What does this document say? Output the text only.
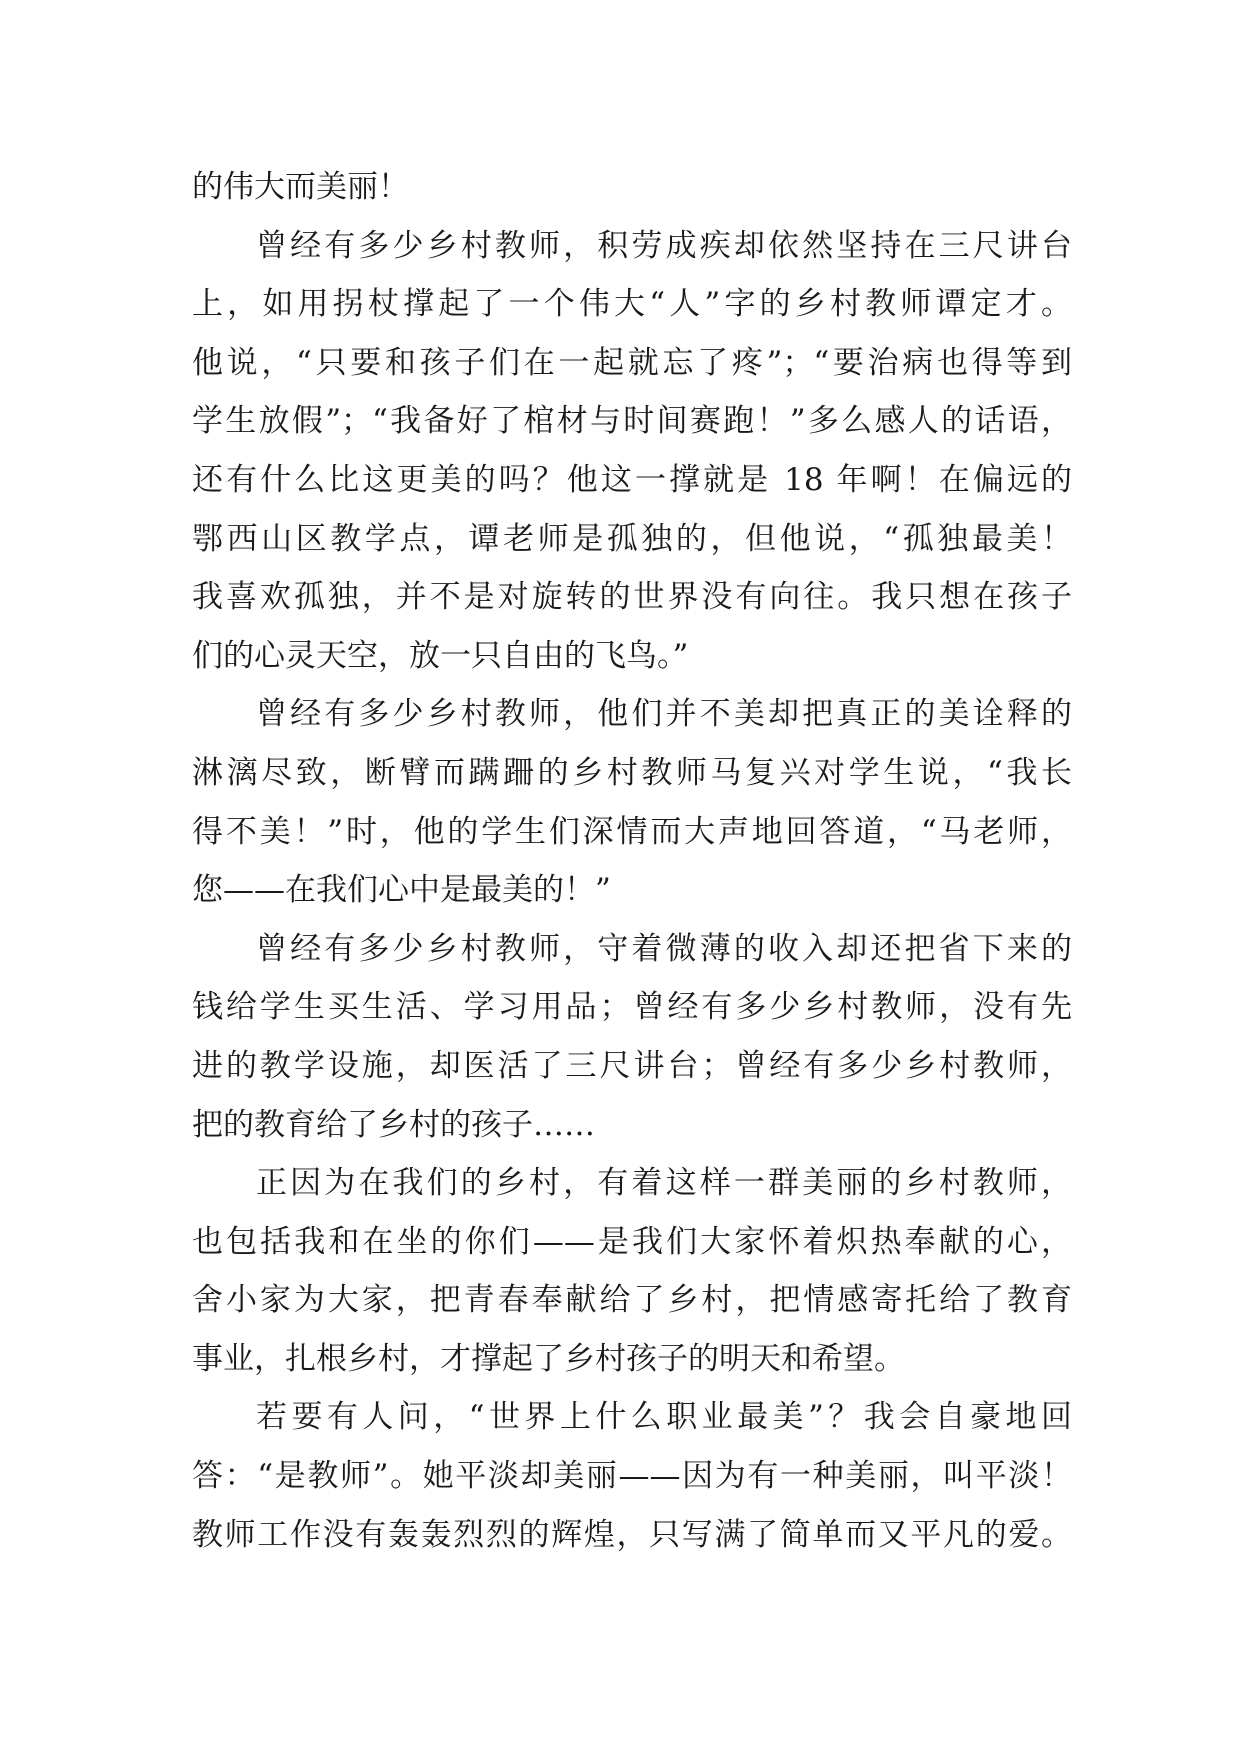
的伟大而美丽！
曾经有多少乡村教师，积劳成疾却依然坚持在三尺讲台
上，如用拐杖撑起了一个伟大“人”字的乡村教师谭定才。
他说，“只要和孩子们在一起就忘了疼”；“要治病也得等到
学生放假”；“我备好了棺材与时间赛跑！”多么感人的话语，
还有什么比这更美的吗？他这一撑就是 18 年啊！在偏远的
鄂西山区教学点，谭老师是孤独的，但他说，“孤独最美！
我喜欢孤独，并不是对旋转的世界没有向往。我只想在孩子
们的心灵天空，放一只自由的飞鸟。”
曾经有多少乡村教师，他们并不美却把真正的美诠释的
淋漓尽致，断臂而蹒跚的乡村教师马复兴对学生说，“我长
得不美！”时，他的学生们深情而大声地回答道，“马老师，
您——在我们心中是最美的！”
曾经有多少乡村教师，守着微薄的收入却还把省下来的
钱给学生买生活、学习用品；曾经有多少乡村教师，没有先
进的教学设施，却医活了三尺讲台；曾经有多少乡村教师，
把的教育给了乡村的孩子……
正因为在我们的乡村，有着这样一群美丽的乡村教师，
也包括我和在坐的你们——是我们大家怀着炽热奉献的心，
舍小家为大家，把青春奉献给了乡村，把情感寄托给了教育
事业，扎根乡村，才撑起了乡村孩子的明天和希望。
若要有人问，“世界上什么职业最美”？我会自豪地回
答：“是教师”。她平淡却美丽——因为有一种美丽，叫平淡！
教师工作没有轰轰烈烈的辉煌，只写满了简单而又平凡的爱。
